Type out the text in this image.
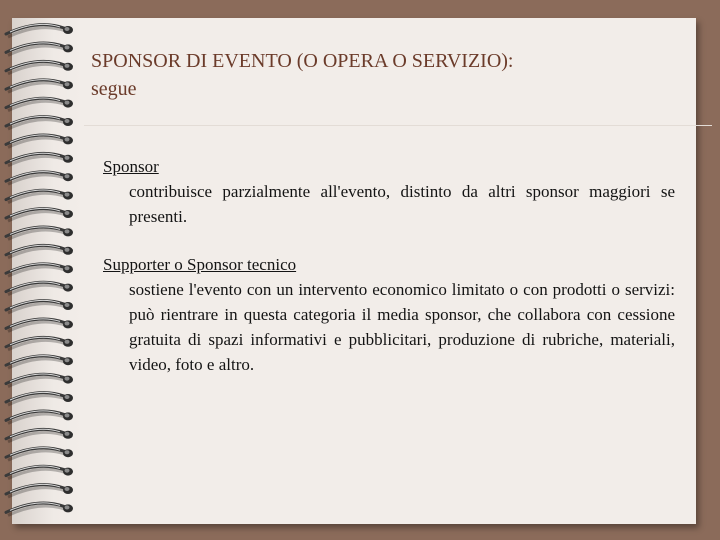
SPONSOR DI EVENTO (O OPERA O SERVIZIO):
segue
Sponsor
contribuisce parzialmente all'evento, distinto da altri sponsor maggiori se presenti.
Supporter o Sponsor tecnico
sostiene l'evento con un intervento economico limitato o con prodotti o servizi: può rientrare in questa categoria il media sponsor, che collabora con cessione gratuita di spazi informativi e pubblicitari, produzione di rubriche, materiali, video, foto e altro.
